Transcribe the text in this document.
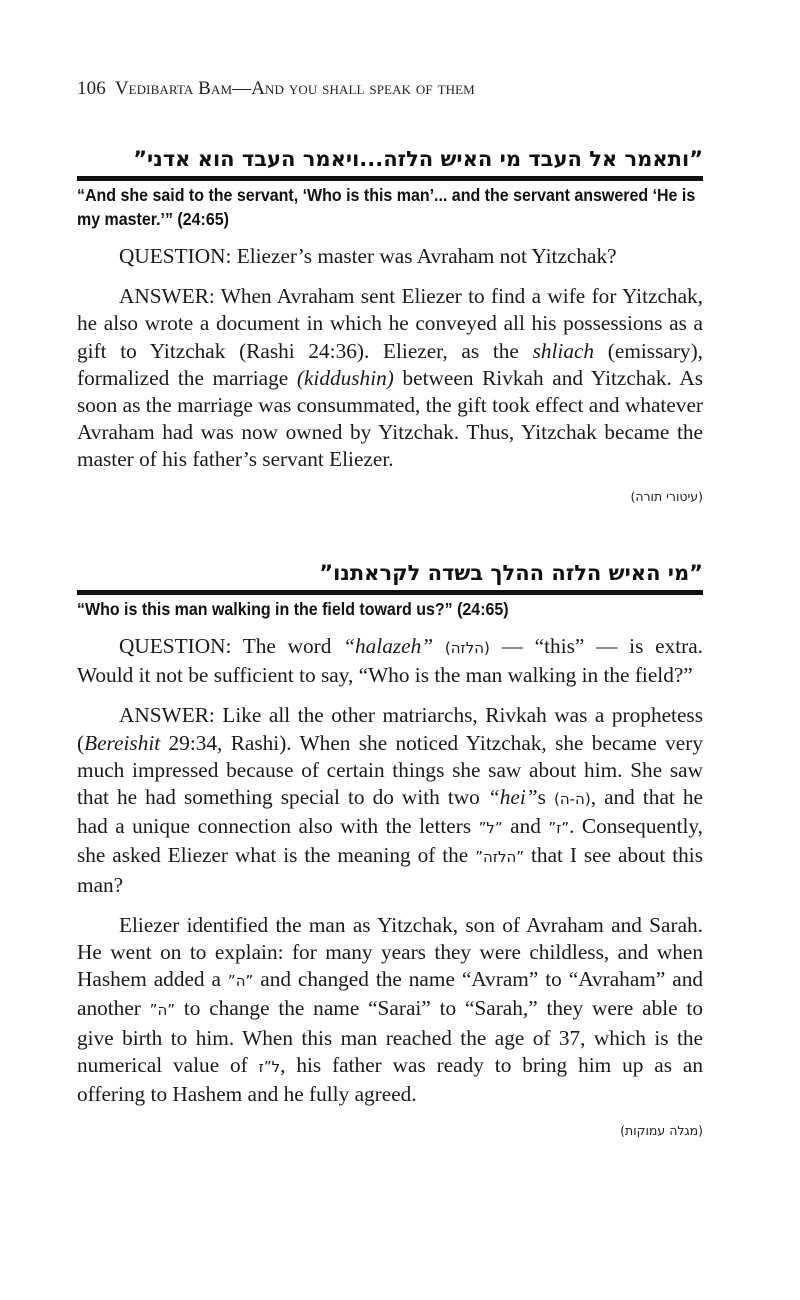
106 Vedibarta Bam—And you shall speak of them
”ותאמר אל העבד מי האיש הלזה...ויאמר העבד הוא אדני”
“And she said to the servant, ‘Who is this man’... and the servant answered ‘He is my master.’” (24:65)

QUESTION: Eliezer’s master was Avraham not Yitzchak?

ANSWER: When Avraham sent Eliezer to find a wife for Yitzchak, he also wrote a document in which he conveyed all his possessions as a gift to Yitzchak (Rashi 24:36). Eliezer, as the shliach (emissary), formalized the marriage (kiddushin) between Rivkah and Yitzchak. As soon as the marriage was consummated, the gift took effect and whatever Avraham had was now owned by Yitzchak. Thus, Yitzchak became the master of his father’s servant Eliezer.

(עיטורי תורה)
”מי האיש הלזה ההלך בשדה לקראתנו”
“Who is this man walking in the field toward us?” (24:65)

QUESTION: The word “halazeh” (הלזה) — “this” — is extra. Would it not be sufficient to say, “Who is the man walking in the field?”

ANSWER: Like all the other matriarchs, Rivkah was a prophetess (Bereishit 29:34, Rashi). When she noticed Yitzchak, she became very much impressed because of certain things she saw about him. She saw that he had something special to do with two “hei”s (ה-ה), and that he had a unique connection also with the letters ”ל” and ”ז”. Consequently, she asked Eliezer what is the meaning of the ”הלזה” that I see about this man?

Eliezer identified the man as Yitzchak, son of Avraham and Sarah. He went on to explain: for many years they were childless, and when Hashem added a ”ה” and changed the name “Avram” to “Avraham” and another ”ה” to change the name “Sarai” to “Sarah,” they were able to give birth to him. When this man reached the age of 37, which is the numerical value of ל”ז, his father was ready to bring him up as an offering to Hashem and he fully agreed.

(מגלה עמוקות)
